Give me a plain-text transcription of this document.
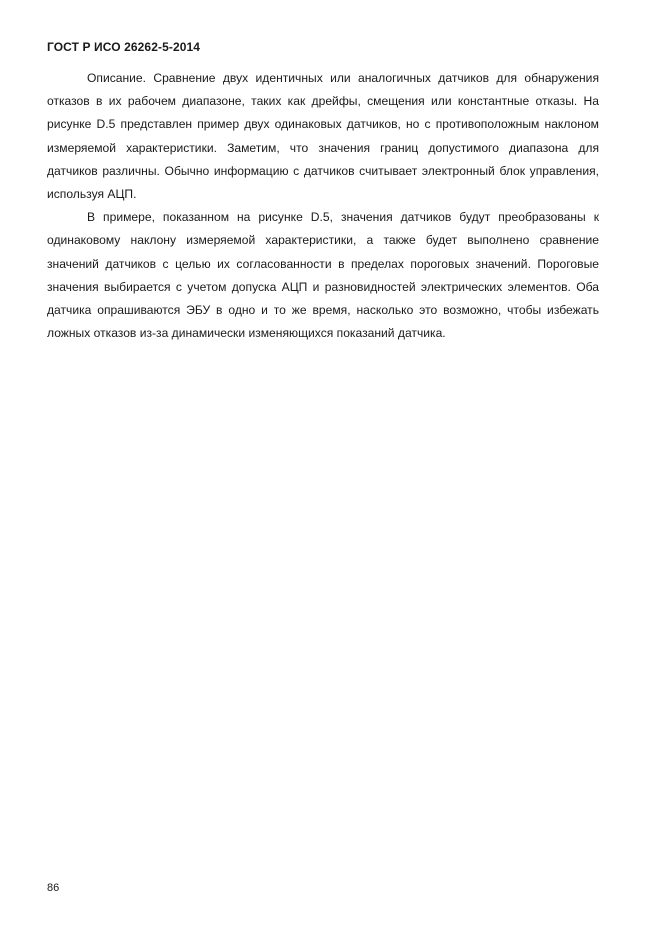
ГОСТ Р ИСО 26262-5-2014

Описание. Сравнение двух идентичных или аналогичных датчиков для обнаружения отказов в их рабочем диапазоне, таких как дрейфы, смещения или константные отказы. На рисунке D.5 представлен пример двух одинаковых датчиков, но с противоположным наклоном измеряемой характеристики. Заметим, что значения границ допустимого диапазона для датчиков различны. Обычно информацию с датчиков считывает электронный блок управления, используя АЦП.

В примере, показанном на рисунке D.5, значения датчиков будут преобразованы к одинаковому наклону измеряемой характеристики, а также будет выполнено сравнение значений датчиков с целью их согласованности в пределах пороговых значений. Пороговые значения выбирается с учетом допуска АЦП и разновидностей электрических элементов. Оба датчика опрашиваются ЭБУ в одно и то же время, насколько это возможно, чтобы избежать ложных отказов из-за динамически изменяющихся показаний датчика.

86
